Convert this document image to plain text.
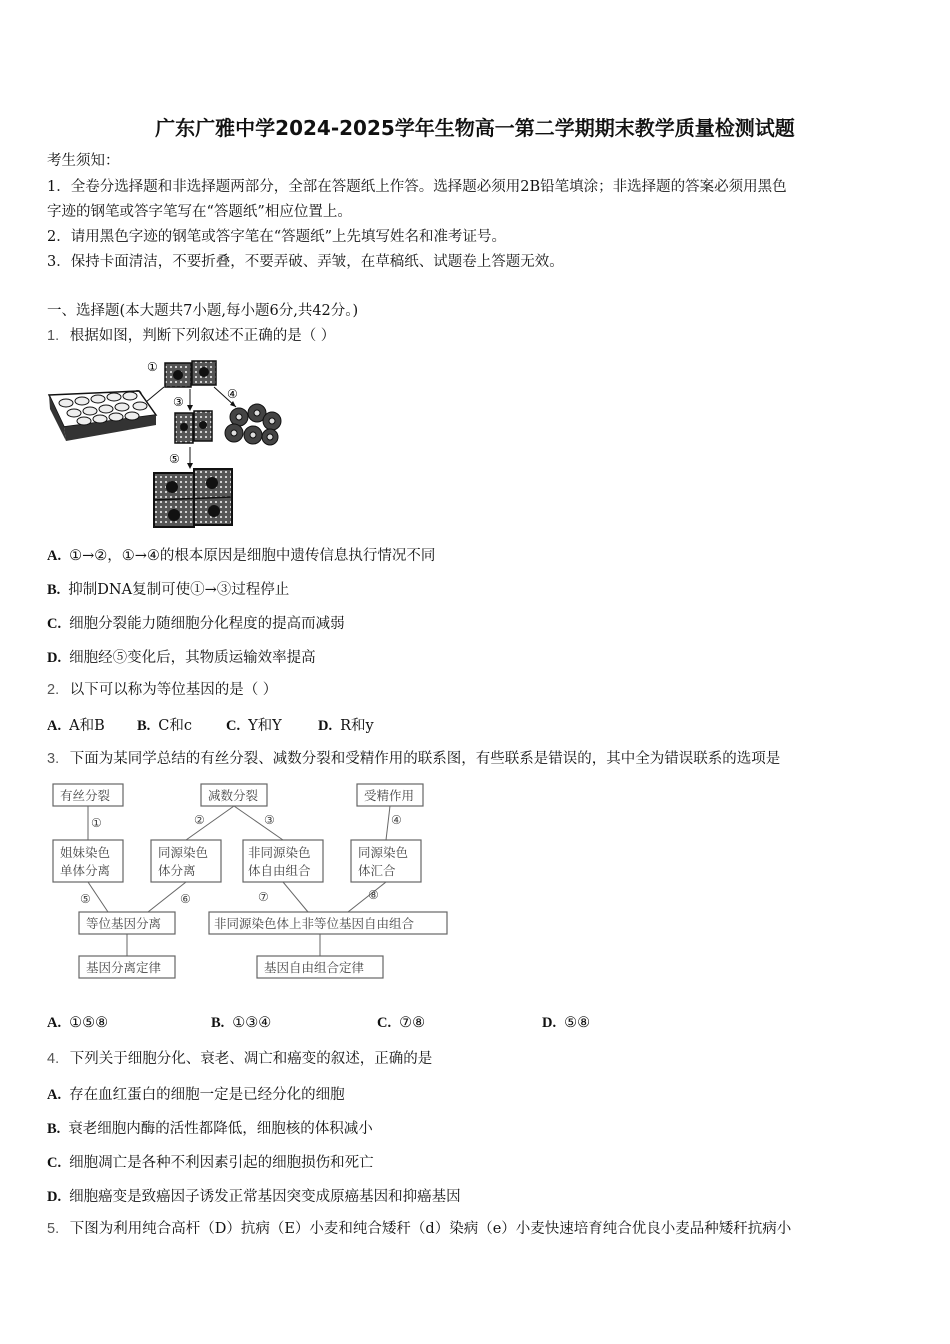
广东广雅中学2024-2025学年生物高一第二学期期末教学质量检测试题
考生须知：
1．全卷分选择题和非选择题两部分，全部在答题纸上作答。选择题必须用2B铅笔填涂；非选择题的答案必须用黑色
字迹的钢笔或答字笔写在“答题纸”相应位置上。
2．请用黑色字迹的钢笔或答字笔在“答题纸”上先填写姓名和准考证号。
3．保持卡面清洁，不要折叠，不要弄破、弄皱，在草稿纸、试题卷上答题无效。
一、选择题(本大题共7小题,每小题6分,共42分。)
1. 根据如图，判断下列叙述不正确的是（ ）
①
③
④
⑤
A. ①→②，①→④的根本原因是细胞中遗传信息执行情况不同
B. 抑制DNA复制可使①→③过程停止
C. 细胞分裂能力随细胞分化程度的提高而减弱
D. 细胞经⑤变化后，其物质运输效率提高
2. 以下可以称为等位基因的是（ ）
A. A和B B. C和c C. Y和Y D. R和y
3. 下面为某同学总结的有丝分裂、减数分裂和受精作用的联系图，有些联系是错误的，其中全为错误联系的选项是
有丝分裂	减数分裂	受精作用
姐妹染色
单体分离
同源染色
体分离
非同源染色
体自由组合
同源染色
体汇合
等位基因分离	非同源染色体上非等位基因自由组合
基因分离定律	基因自由组合定律
①	②	③	④
⑤	⑥	⑦	⑧
A. ①⑤⑧	B. ①③④	C. ⑦⑧	D. ⑤⑧
4. 下列关于细胞分化、衰老、凋亡和癌变的叙述，正确的是
A. 存在血红蛋白的细胞一定是已经分化的细胞
B. 衰老细胞内酶的活性都降低，细胞核的体积减小
C. 细胞凋亡是各种不利因素引起的细胞损伤和死亡
D. 细胞癌变是致癌因子诱发正常基因突变成原癌基因和抑癌基因
5. 下图为利用纯合高杆（D）抗病（E）小麦和纯合矮秆（d）染病（e）小麦快速培育纯合优良小麦品种矮秆抗病小
